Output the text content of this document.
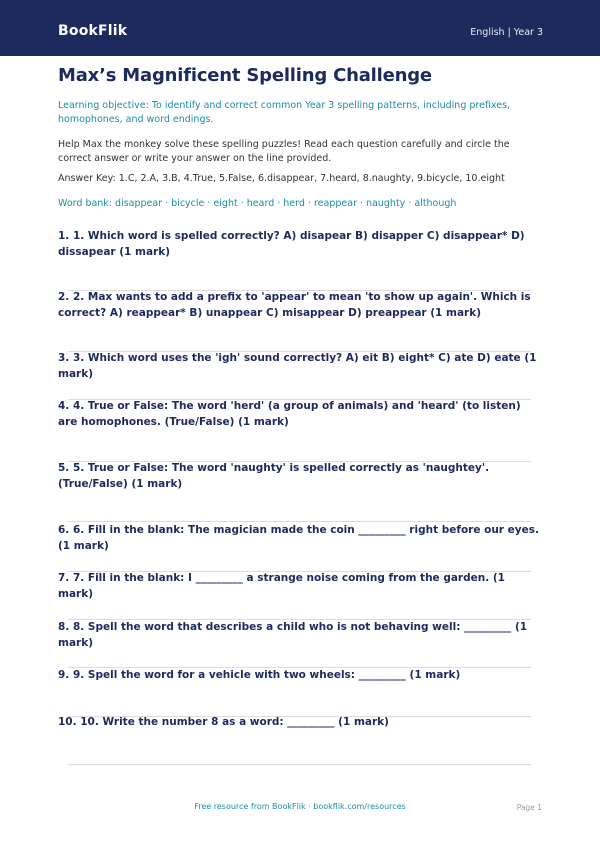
BookFlik	English | Year 3
Max’s Magnificent Spelling Challenge
Learning objective: To identify and correct common Year 3 spelling patterns, including prefixes, homophones, and word endings.
Help Max the monkey solve these spelling puzzles! Read each question carefully and circle the correct answer or write your answer on the line provided.
Answer Key: 1.C, 2.A, 3.B, 4.True, 5.False, 6.disappear, 7.heard, 8.naughty, 9.bicycle, 10.eight
Word bank: disappear · bicycle · eight · heard · herd · reappear · naughty · although
1. 1. Which word is spelled correctly? A) disapear B) disapper C) disappear* D) dissapear (1 mark)
2. 2. Max wants to add a prefix to 'appear' to mean 'to show up again'. Which is correct? A) reappear* B) unappear C) misappear D) preappear (1 mark)
3. 3. Which word uses the 'igh' sound correctly? A) eit B) eight* C) ate D) eate (1 mark)
4. 4. True or False: The word 'herd' (a group of animals) and 'heard' (to listen) are homophones. (True/False) (1 mark)
5. 5. True or False: The word 'naughty' is spelled correctly as 'naughtey'. (True/False) (1 mark)
6. 6. Fill in the blank: The magician made the coin _________ right before our eyes. (1 mark)
7. 7. Fill in the blank: I _________ a strange noise coming from the garden. (1 mark)
8. 8. Spell the word that describes a child who is not behaving well: _________ (1 mark)
9. 9. Spell the word for a vehicle with two wheels: _________ (1 mark)
10. 10. Write the number 8 as a word: _________ (1 mark)
Free resource from BookFlik · bookflik.com/resources	Page 1
